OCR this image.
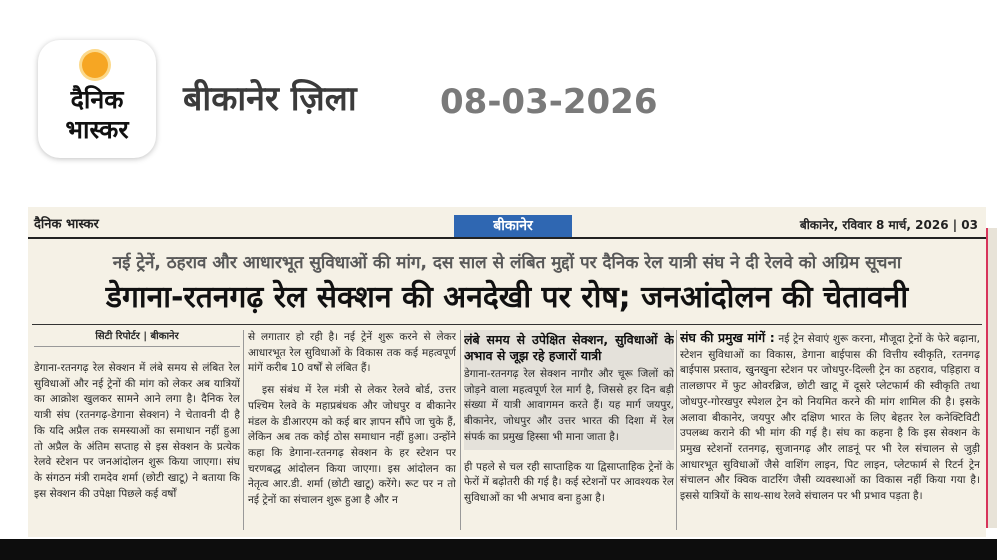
दैनिक
भास्कर
बीकानेर ज़िला 08-03-2026
दैनिक भास्कर	बीकानेर	बीकानेर, रविवार 8 मार्च, 2026 | 03
नई ट्रेनें, ठहराव और आधारभूत सुविधाओं की मांग, दस साल से लंबित मुद्दों पर दैनिक रेल यात्री संघ ने दी रेलवे को अग्रिम सूचना
डेगाना-रतनगढ़ रेल सेक्शन की अनदेखी पर रोष; जनआंदोलन की चेतावनी
सिटी रिपोर्टर | बीकानेर
डेगाना-रतनगढ़ रेल सेक्शन में लंबे समय से लंबित रेल सुविधाओं और नई ट्रेनों की मांग को लेकर अब यात्रियों का आक्रोश खुलकर सामने आने लगा है। दैनिक रेल यात्री संघ (रतनगढ़-डेगाना सेक्शन) ने चेतावनी दी है कि यदि अप्रैल तक समस्याओं का समाधान नहीं हुआ तो अप्रैल के अंतिम सप्ताह से इस सेक्शन के प्रत्येक रेलवे स्टेशन पर जनआंदोलन शुरू किया जाएगा। संघ के संगठन मंत्री रामदेव शर्मा (छोटी खाटू) ने बताया कि इस सेक्शन की उपेक्षा पिछले कई वर्षों
से लगातार हो रही है। नई ट्रेनें शुरू करने से लेकर आधारभूत रेल सुविधाओं के विकास तक कई महत्वपूर्ण मांगें करीब 10 वर्षों से लंबित हैं।
इस संबंध में रेल मंत्री से लेकर रेलवे बोर्ड, उत्तर पश्चिम रेलवे के महाप्रबंधक और जोधपुर व बीकानेर मंडल के डीआरएम को कई बार ज्ञापन सौंपे जा चुके हैं, लेकिन अब तक कोई ठोस समाधान नहीं हुआ। उन्होंने कहा कि डेगाना-रतनगढ़ सेक्शन के हर स्टेशन पर चरणबद्ध आंदोलन किया जाएगा। इस आंदोलन का नेतृत्व आर.डी. शर्मा (छोटी खाटू) करेंगे। रूट पर न तो नई ट्रेनों का संचालन शुरू हुआ है और न
लंबे समय से उपेक्षित सेक्शन, सुविधाओं के अभाव से जूझ रहे हजारों यात्री
डेगाना-रतनगढ़ रेल सेक्शन नागौर और चूरू जिलों को जोड़ने वाला महत्वपूर्ण रेल मार्ग है, जिससे हर दिन बड़ी संख्या में यात्री आवागमन करते हैं। यह मार्ग जयपुर, बीकानेर, जोधपुर और उत्तर भारत की दिशा में रेल संपर्क का प्रमुख हिस्सा भी माना जाता है।
ही पहले से चल रही साप्ताहिक या द्विसाप्ताहिक ट्रेनों के फेरों में बढ़ोतरी की गई है। कई स्टेशनों पर आवश्यक रेल सुविधाओं का भी अभाव बना हुआ है।
संघ की प्रमुख मांगें : नई ट्रेन सेवाएं शुरू करना, मौजूदा ट्रेनों के फेरे बढ़ाना, स्टेशन सुविधाओं का विकास, डेगाना बाईपास की वित्तीय स्वीकृति, रतनगढ़ बाईपास प्रस्ताव, खुनखुना स्टेशन पर जोधपुर-दिल्ली ट्रेन का ठहराव, पड़िहारा व तालछापर में फुट ओवरब्रिज, छोटी खाटू में दूसरे प्लेटफार्म की स्वीकृति तथा जोधपुर-गोरखपुर स्पेशल ट्रेन को नियमित करने की मांग शामिल की है। इसके अलावा बीकानेर, जयपुर और दक्षिण भारत के लिए बेहतर रेल कनेक्टिविटी उपलब्ध कराने की भी मांग की गई है। संघ का कहना है कि इस सेक्शन के प्रमुख स्टेशनों रतनगढ़, सुजानगढ़ और लाडनूं पर भी रेल संचालन से जुड़ी आधारभूत सुविधाओं जैसे वाशिंग लाइन, पिट लाइन, प्लेटफार्म से रिटर्न ट्रेन संचालन और क्विक वाटरिंग जैसी व्यवस्थाओं का विकास नहीं किया गया है। इससे यात्रियों के साथ-साथ रेलवे संचालन पर भी प्रभाव पड़ता है।
